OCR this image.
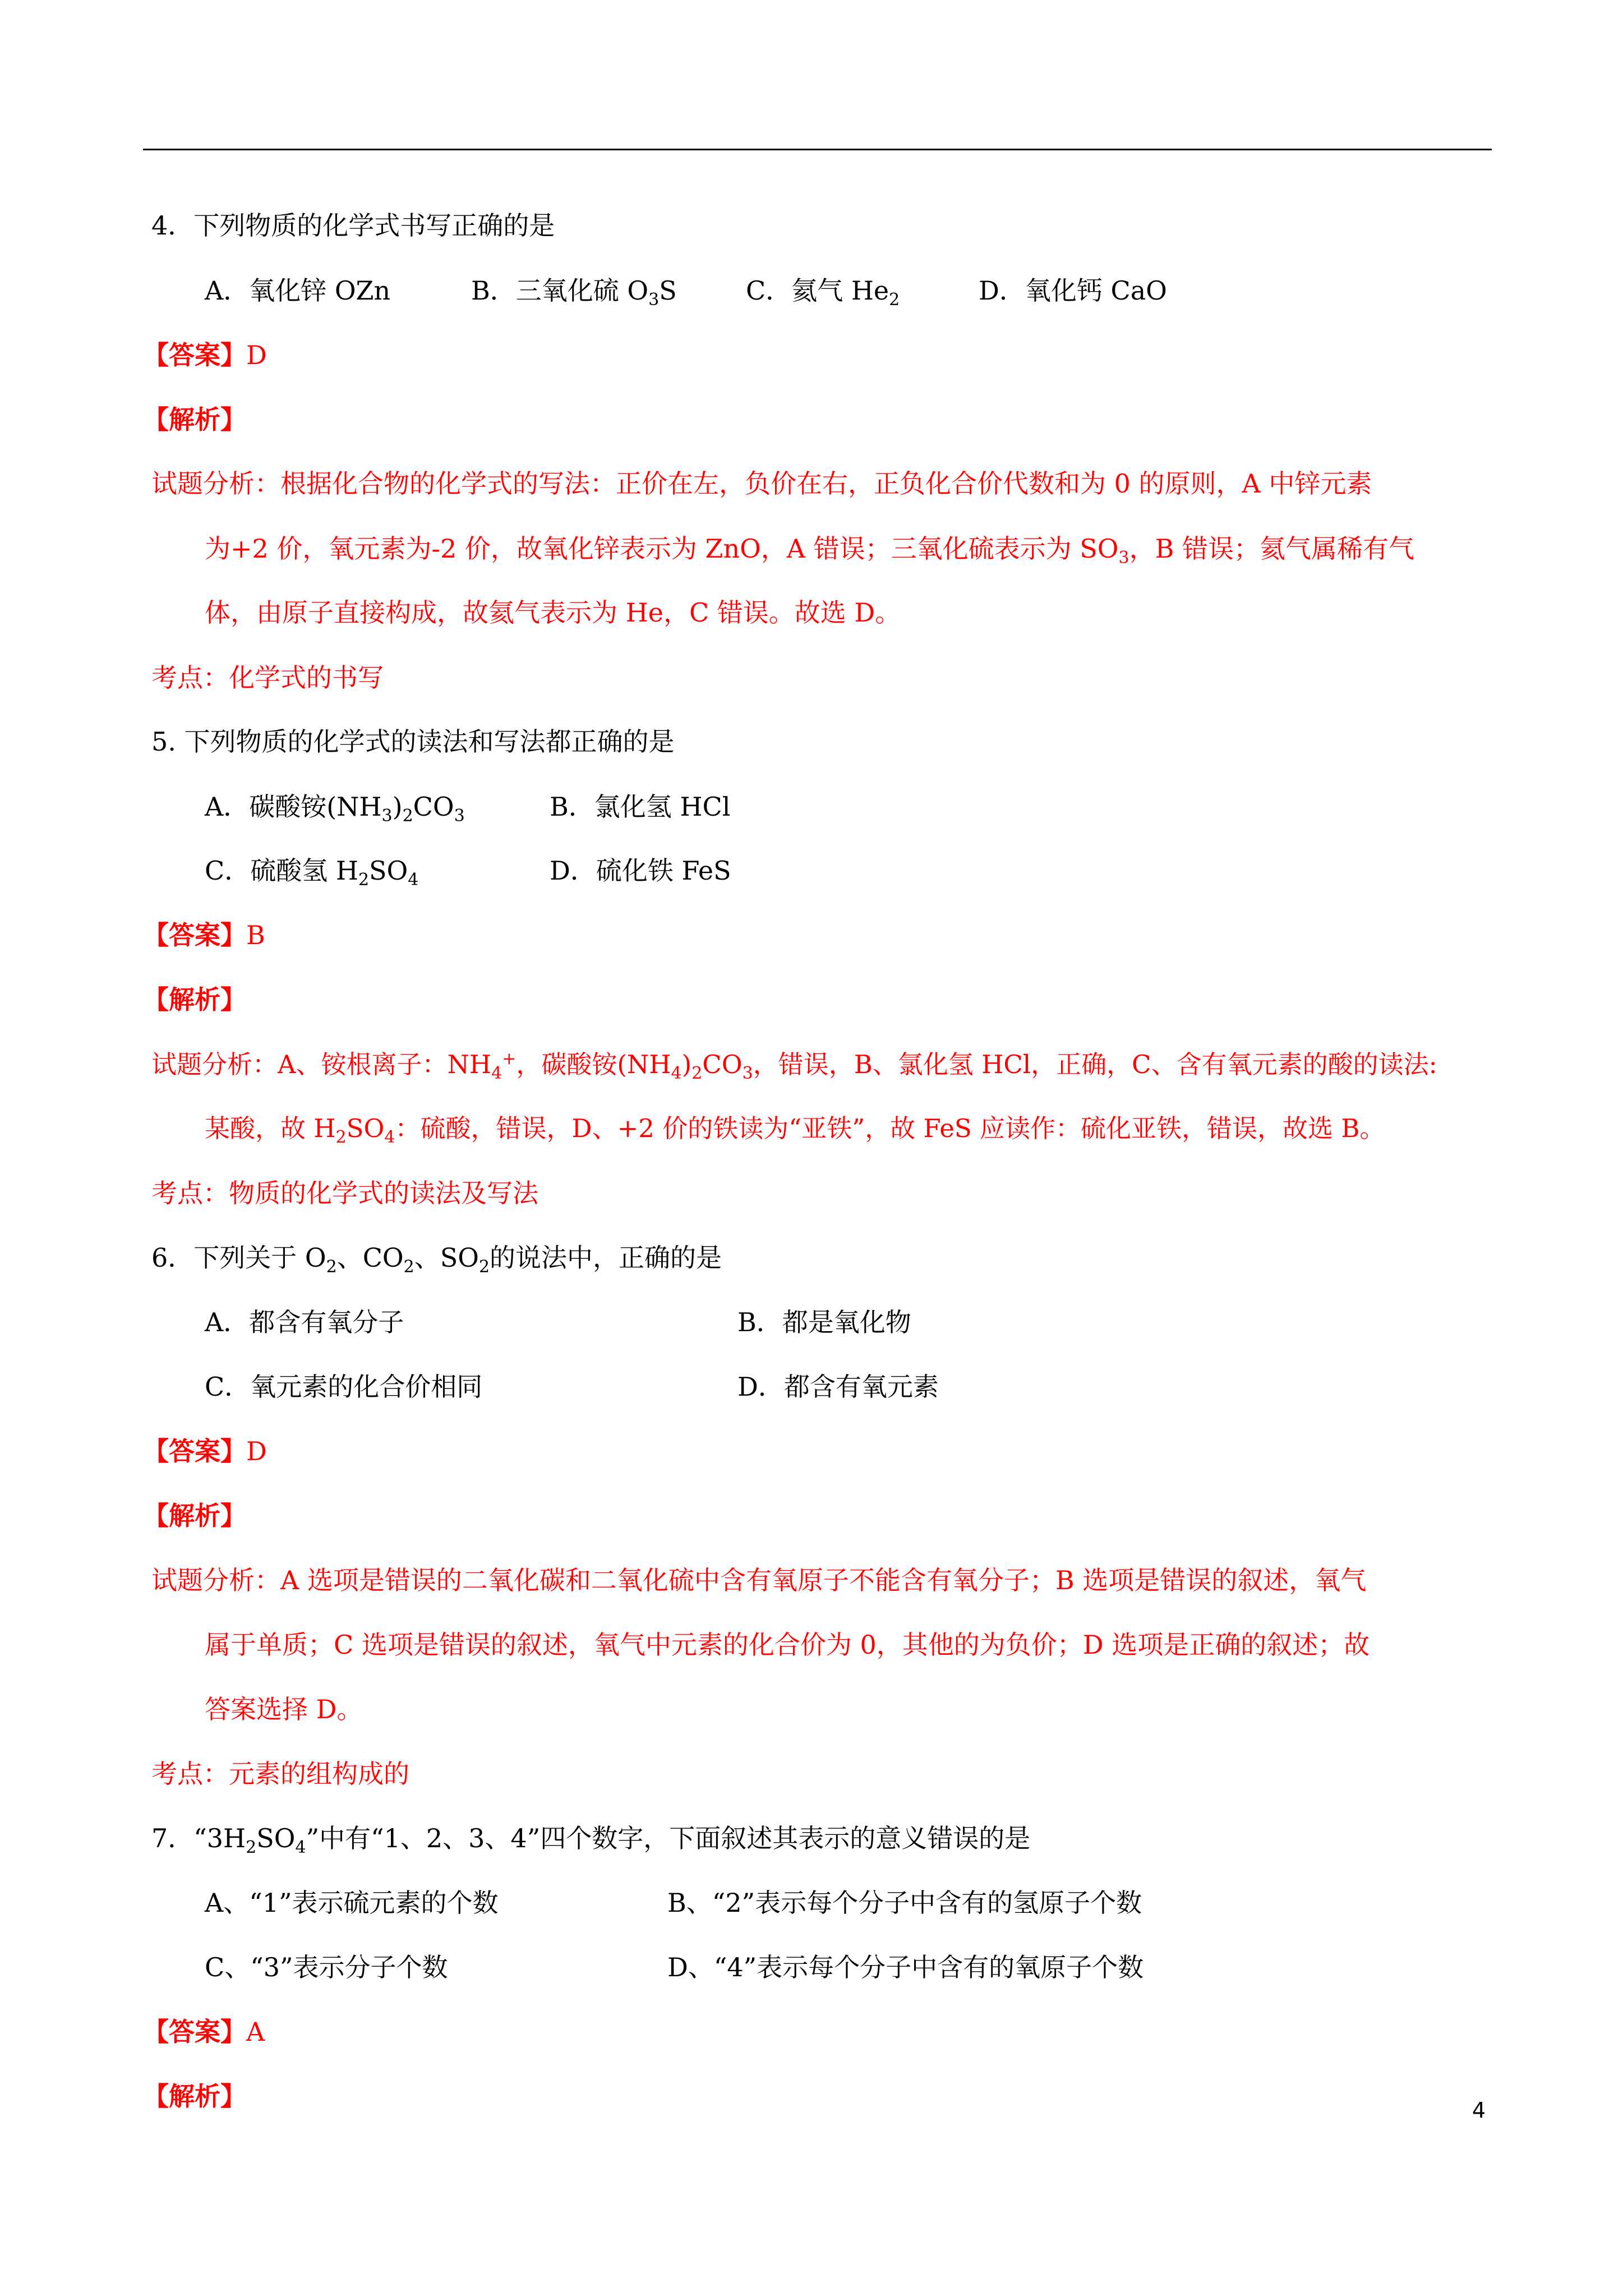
4．下列物质的化学式书写正确的是
A．氧化锌 OZn	B．三氧化硫 $O_3S$	C．氦气 $He_2$	D．氧化钙 CaO
【答案】D
【解析】
试题分析：根据化合物的化学式的写法：正价在左，负价在右，正负化合价代数和为 0 的原则，A 中锌元素
为+2 价，氧元素为-2 价，故氧化锌表示为 ZnO，A 错误；三氧化硫表示为 $SO_3$，B 错误；氦气属稀有气
体，由原子直接构成，故氦气表示为 He，C 错误。故选 D。
考点：化学式的书写
5. 下列物质的化学式的读法和写法都正确的是
A．碳酸铵$(NH_3)_2CO_3$	B．氯化氢 HCl
C．硫酸氢 $H_2SO_4$	D．硫化铁 FeS
【答案】B
【解析】
试题分析：A、铵根离子：$NH_4^+$，碳酸铵$(NH_4)_2CO_3$，错误，B、氯化氢 HCl，正确，C、含有氧元素的酸的读法:
某酸，故 $H_2SO_4$：硫酸，错误，D、+2 价的铁读为“亚铁”，故 FeS 应读作：硫化亚铁，错误，故选 B。
考点：物质的化学式的读法及写法
6．下列关于 $O_2$、$CO_2$、$SO_2$的说法中，正确的是
A．都含有氧分子	B．都是氧化物
C．氧元素的化合价相同	D．都含有氧元素
【答案】D
【解析】
试题分析：A 选项是错误的二氧化碳和二氧化硫中含有氧原子不能含有氧分子；B 选项是错误的叙述，氧气
属于单质；C 选项是错误的叙述，氧气中元素的化合价为 0，其他的为负价；D 选项是正确的叙述；故
答案选择 D。
考点：元素的组构成的
7．“$3H_2SO_4$”中有“1、2、3、4”四个数字，下面叙述其表示的意义错误的是
A、“1”表示硫元素的个数	B、“2”表示每个分子中含有的氢原子个数
C、“3”表示分子个数	D、“4”表示每个分子中含有的氧原子个数
【答案】A
【解析】	4
